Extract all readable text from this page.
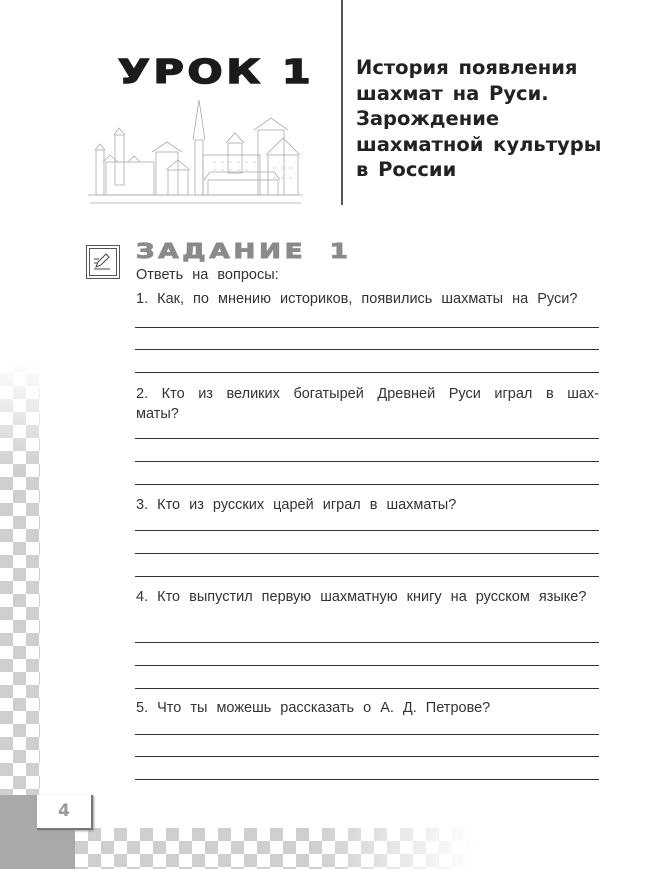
4
УРОК 1 История появления
шахмат на Руси.
Зарождение
шахматной культуры
в России
ЗАДАНИЕ 1
Ответь на вопросы:
1. Как, по мнению историков, появились шахматы на Руси?
2. Кто из великих богатырей Древней Руси играл в шах-маты?
3. Кто из русских царей играл в шахматы?
4. Кто выпустил первую шахматную книгу на русском языке?
5. Что ты можешь рассказать о А. Д. Петрове?
